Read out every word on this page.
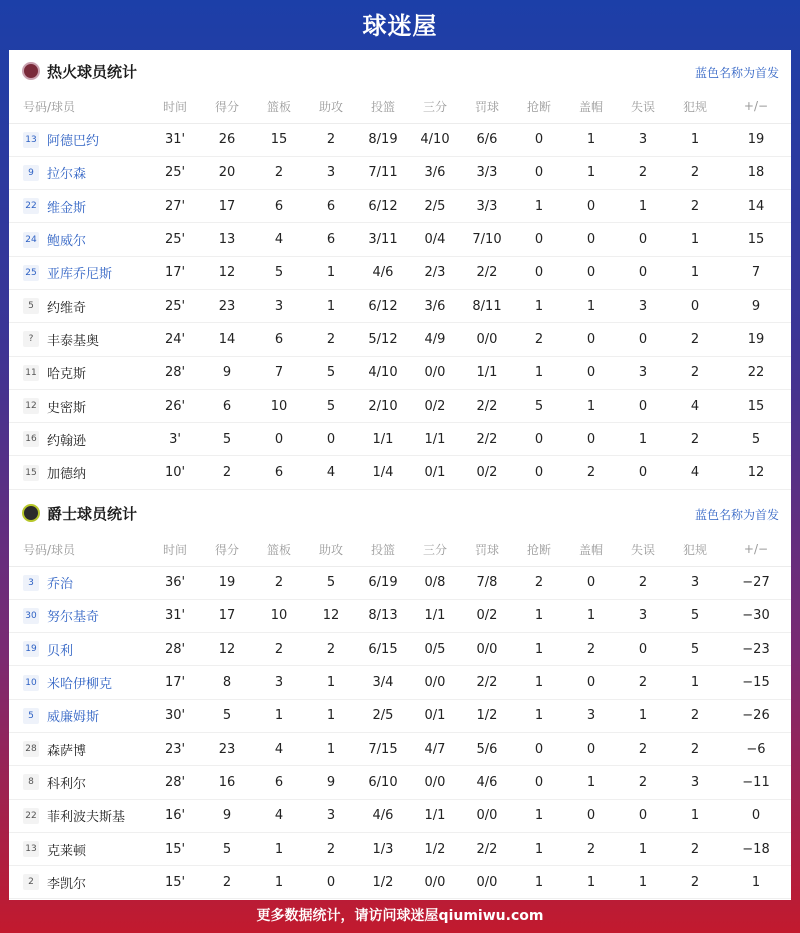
球迷屋
热火球员统计	蓝色名称为首发
号码/球员	时间	得分	篮板	助攻	投篮	三分	罚球	抢断	盖帽	失误	犯规	+/−
13 阿德巴约	31'	26	15	2	8/19	4/10	6/6	0	1	3	1	19
9 拉尔森	25'	20	2	3	7/11	3/6	3/3	0	1	2	2	18
22 维金斯	27'	17	6	6	6/12	2/5	3/3	1	0	1	2	14
24 鲍威尔	25'	13	4	6	3/11	0/4	7/10	0	0	0	1	15
25 亚库乔尼斯	17'	12	5	1	4/6	2/3	2/2	0	0	0	1	7
5 约维奇	25'	23	3	1	6/12	3/6	8/11	1	1	3	0	9
? 丰泰基奥	24'	14	6	2	5/12	4/9	0/0	2	0	0	2	19
11 哈克斯	28'	9	7	5	4/10	0/0	1/1	1	0	3	2	22
12 史密斯	26'	6	10	5	2/10	0/2	2/2	5	1	0	4	15
16 约翰逊	3'	5	0	0	1/1	1/1	2/2	0	0	1	2	5
15 加德纳	10'	2	6	4	1/4	0/1	0/2	0	2	0	4	12
爵士球员统计	蓝色名称为首发
号码/球员	时间	得分	篮板	助攻	投篮	三分	罚球	抢断	盖帽	失误	犯规	+/−
3 乔治	36'	19	2	5	6/19	0/8	7/8	2	0	2	3	−27
30 努尔基奇	31'	17	10	12	8/13	1/1	0/2	1	1	3	5	−30
19 贝利	28'	12	2	2	6/15	0/5	0/0	1	2	0	5	−23
10 米哈伊柳克	17'	8	3	1	3/4	0/0	2/2	1	0	2	1	−15
5 威廉姆斯	30'	5	1	1	2/5	0/1	1/2	1	3	1	2	−26
28 森萨博	23'	23	4	1	7/15	4/7	5/6	0	0	2	2	−6
8 科利尔	28'	16	6	9	6/10	0/0	4/6	0	1	2	3	−11
22 菲利波夫斯基	16'	9	4	3	4/6	1/1	0/0	1	0	0	1	0
13 克莱顿	15'	5	1	2	1/3	1/2	2/2	1	2	1	2	−18
2 李凯尔	15'	2	1	0	1/2	0/0	0/0	1	1	1	2	1
更多数据统计，请访问球迷屋qiumiwu.com
